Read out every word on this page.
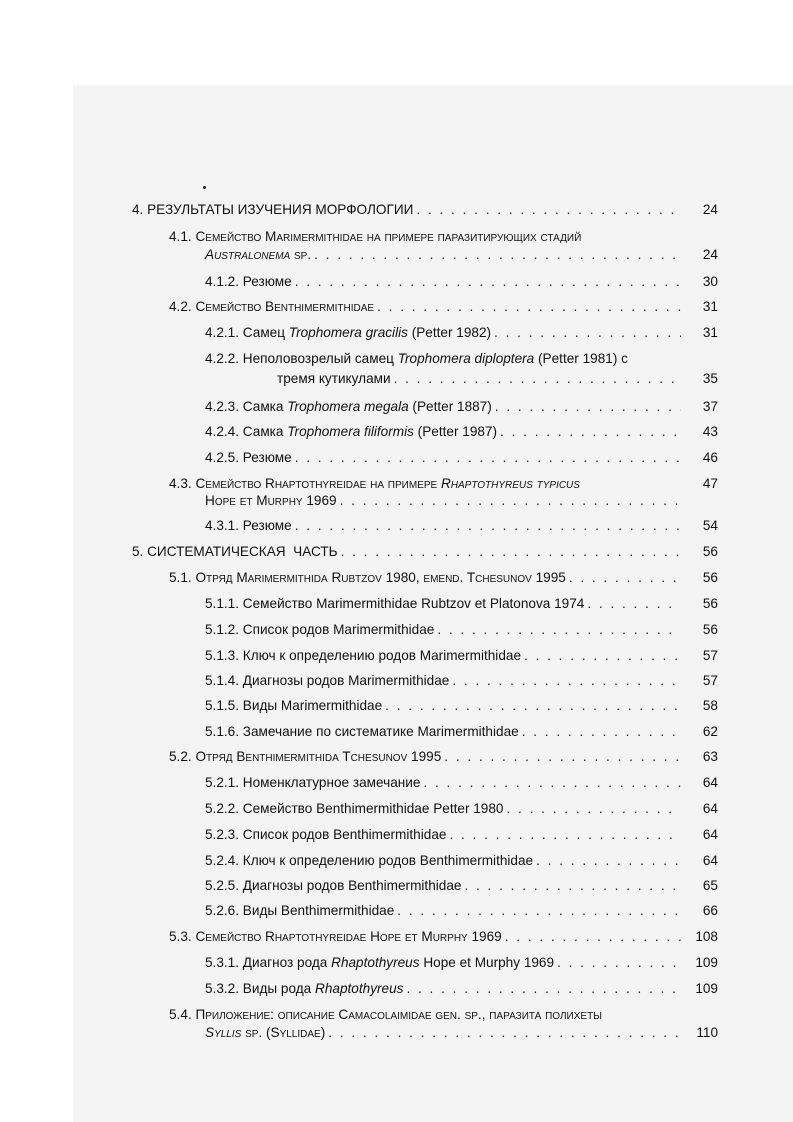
4. РЕЗУЛЬТАТЫ ИЗУЧЕНИЯ МОРФОЛОГИИ . . .	24
4.1. Семейство Marimermithidae на примере паразитирующих стадий
Australonema sp. . . .	24
4.1.2. Резюме . . .	30
4.2. Семейство Benthimermithidae . . .	31
4.2.1. Самец Trophomera gracilis (Petter 1982) . . .	31
4.2.2. Неполовозрелый самец Trophomera diploptera (Petter 1981) с
тремя кутикулами . . .	35
4.2.3. Самка Trophomera megala (Petter 1887) . . .	37
4.2.4. Самка Trophomera filiformis (Petter 1987) . . .	43
4.2.5. Резюме . . .	46
4.3. Семейство Rhaptothyreidae на примере Rhaptothyreus typicus	47
Hope et Murphy 1969
. . .
4.3.1. Резюме . . .	54
5. СИСТЕМАТИЧЕСКАЯ  ЧАСТЬ . . .	56
5.1. Отряд Marimermithida Rubtzov 1980, emend. Tchesunov 1995 . . .	56
5.1.1. Семейство Marimermithidae Rubtzov et Platonova 1974 . . .	56
5.1.2. Список родов Marimermithidae . . .	56
5.1.3. Ключ к определению родов Marimermithidae . . .	57
5.1.4. Диагнозы родов Marimermithidae . . .	57
5.1.5. Виды Marimermithidae . . .	58
5.1.6. Замечание по систематике Marimermithidae . . .	62
5.2. Отряд Benthimermithida Tchesunov 1995 . . .	63
5.2.1. Номенклатурное замечание . . .	64
5.2.2. Семейство Benthimermithidae Petter 1980 . . .	64
5.2.3. Список родов Benthimermithidae . . .	64
5.2.4. Ключ к определению родов Benthimermithidae . . .	64
5.2.5. Диагнозы родов Benthimermithidae . . .	65
5.2.6. Виды Benthimermithidae . . .	66
5.3. Семейство Rhaptothyreidae Hope et Murphy 1969 . . .	108
5.3.1. Диагноз рода Rhaptothyreus Hope et Murphy 1969 . . .	109
5.3.2. Виды рода Rhaptothyreus . . .	109
5.4. Приложение: описание Camacolaimidae gen. sp., паразита полихеты
Syllis sp. (Syllidae) . . .	110
